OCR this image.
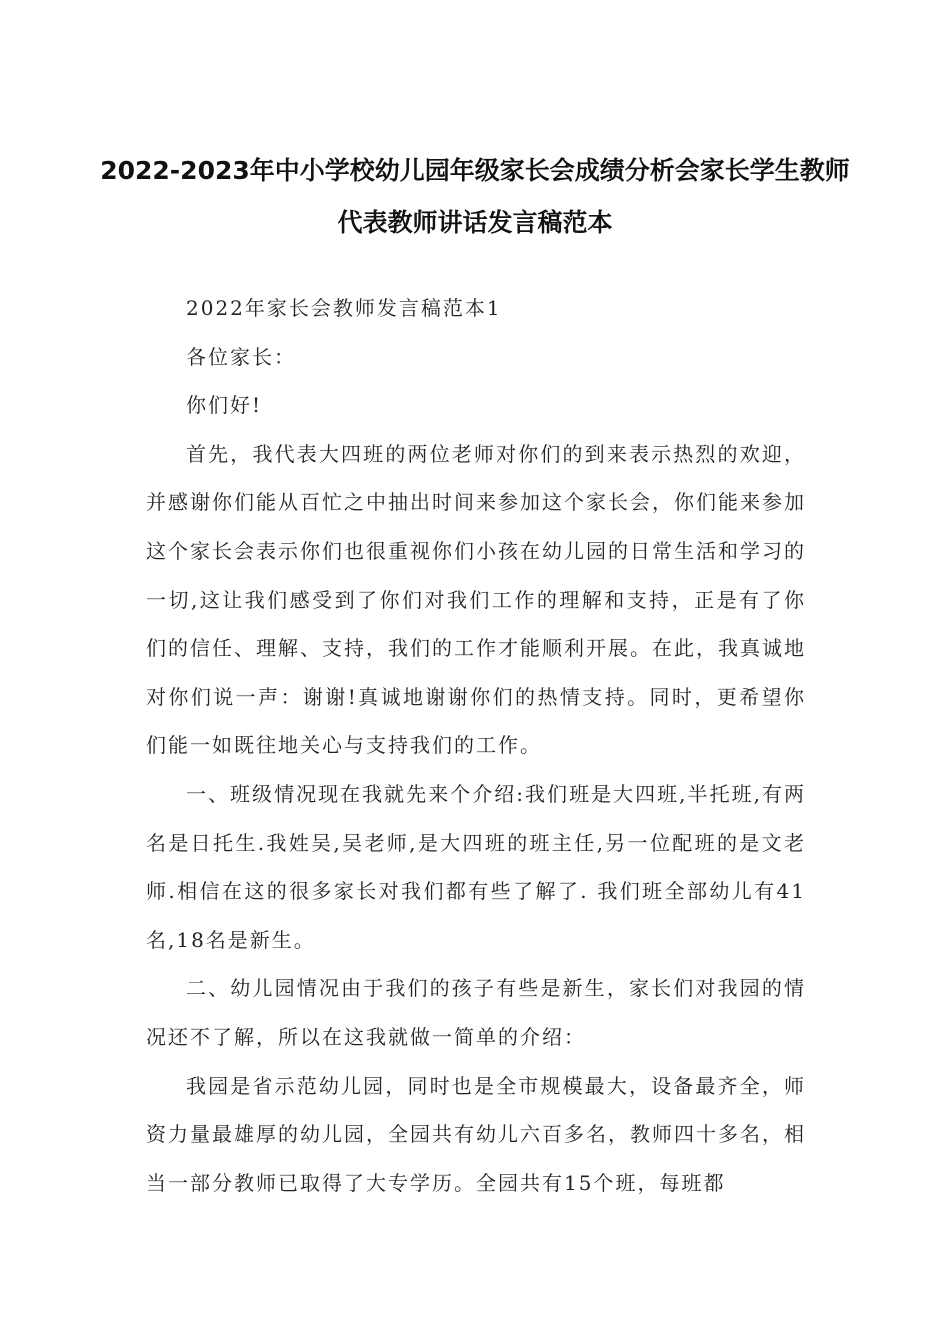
2022-2023年中小学校幼儿园年级家长会成绩分析会家长学生教师
代表教师讲话发言稿范本

2022年家长会教师发言稿范本1

各位家长：

你们好!

首先，我代表大四班的两位老师对你们的到来表示热烈的欢迎，并感谢你们能从百忙之中抽出时间来参加这个家长会，你们能来参加这个家长会表示你们也很重视你们小孩在幼儿园的日常生活和学习的一切,这让我们感受到了你们对我们工作的理解和支持，正是有了你们的信任、理解、支持，我们的工作才能顺利开展。在此，我真诚地对你们说一声：谢谢!真诚地谢谢你们的热情支持。同时，更希望你们能一如既往地关心与支持我们的工作。

一、班级情况现在我就先来个介绍:我们班是大四班,半托班,有两名是日托生.我姓吴,吴老师,是大四班的班主任,另一位配班的是文老师.相信在这的很多家长对我们都有些了解了. 我们班全部幼儿有41名,18名是新生。

二、幼儿园情况由于我们的孩子有些是新生，家长们对我园的情况还不了解，所以在这我就做一简单的介绍：

我园是省示范幼儿园，同时也是全市规模最大，设备最齐全，师资力量最雄厚的幼儿园，全园共有幼儿六百多名，教师四十多名，相当一部分教师已取得了大专学历。全园共有15个班，每班都
